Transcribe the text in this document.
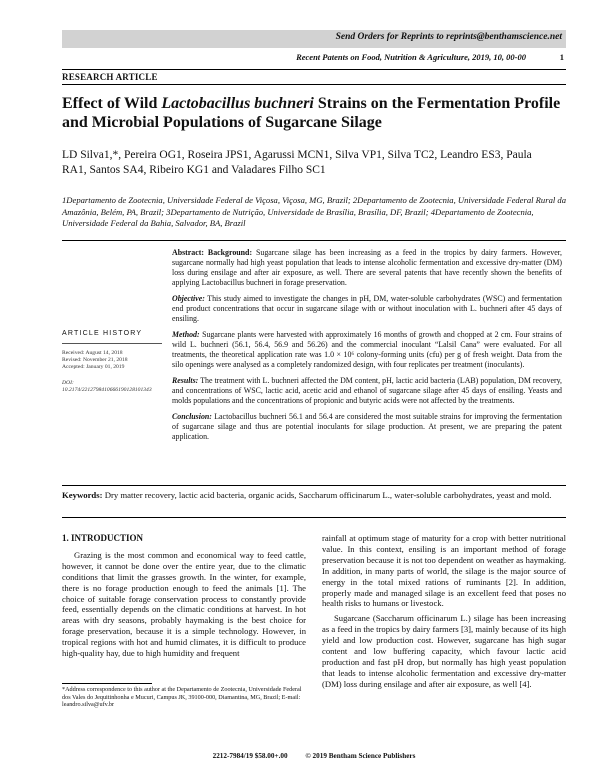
Send Orders for Reprints to reprints@benthamscience.net
Recent Patents on Food, Nutrition & Agriculture, 2019, 10, 00-00	1
RESEARCH ARTICLE
Effect of Wild Lactobacillus buchneri Strains on the Fermentation Profile and Microbial Populations of Sugarcane Silage
LD Silva1,*, Pereira OG1, Roseira JPS1, Agarussi MCN1, Silva VP1, Silva TC2, Leandro ES3, Paula RA1, Santos SA4, Ribeiro KG1 and Valadares Filho SC1
1Departamento de Zootecnia, Universidade Federal de Viçosa, Viçosa, MG, Brazil; 2Departamento de Zootecnia, Universidade Federal Rural da Amazônia, Belém, PA, Brazil; 3Departamento de Nutrição, Universidade de Brasília, Brasília, DF, Brazil; 4Departamento de Zootecnia, Universidade Federal da Bahia, Salvador, BA, Brazil

Abstract: Background: Sugarcane silage has been increasing as a feed in the tropics by dairy farmers. However, sugarcane normally had high yeast population that leads to intense alcoholic fermentation and excessive dry-matter (DM) loss during ensilage and after air exposure, as well. There are several patents that have recently shown the benefits of applying Lactobacillus buchneri in forage preservation.

Objective: This study aimed to investigate the changes in pH, DM, water-soluble carbohydrates (WSC) and fermentation end product concentrations that occur in sugarcane silage with or without inoculation with L. buchneri after 45 days of ensiling.

Method: Sugarcane plants were harvested with approximately 16 months of growth and chopped at 2 cm. Four strains of wild L. buchneri (56.1, 56.4, 56.9 and 56.26) and the commercial inoculant “Lalsil Cana” were evaluated. For all treatments, the theoretical application rate was 1.0 × 10⁶ colony-forming units (cfu) per g of fresh weight. Data from the silo openings were analysed as a completely randomized design, with four replicates per treatment (inoculants).

Results: The treatment with L. buchneri affected the DM content, pH, lactic acid bacteria (LAB) population, DM recovery, and concentrations of WSC, lactic acid, acetic acid and ethanol of sugarcane silage after 45 days of ensiling. Yeasts and molds populations and the concentrations of propionic and butyric acids were not affected by the treatments.

Conclusion: Lactobacillus buchneri 56.1 and 56.4 are considered the most suitable strains for improving the fermentation of sugarcane silage and thus are potential inoculants for silage production. At present, we are preparing the patent application.

ARTICLE HISTORY
Received: August 14, 2018
Revised: November 21, 2018
Accepted: January 01, 2019
DOI:
10.2174/2212798410666190128101343
Keywords: Dry matter recovery, lactic acid bacteria, organic acids, Saccharum officinarum L., water-soluble carbohydrates, yeast and mold.
1. INTRODUCTION

Grazing is the most common and economical way to feed cattle, however, it cannot be done over the entire year, due to the climatic conditions that limit the grasses growth. In the winter, for example, there is no forage production enough to feed the animals [1]. The choice of suitable forage conservation process to constantly provide feed, essentially depends on the climatic conditions at harvest. In hot areas with dry seasons, probably haymaking is the best choice for forage preservation, because it is a simple technology. However, in tropical regions with hot and humid climates, it is difficult to produce high-quality hay, due to high humidity and frequent

rainfall at optimum stage of maturity for a crop with better nutritional value. In this context, ensiling is an important method of forage preservation because it is not too dependent on weather as haymaking. In addition, in many parts of world, the silage is the major source of energy in the total mixed rations of ruminants [2]. In addition, properly made and managed silage is an excellent feed that poses no health risks to humans or livestock.

Sugarcane (Saccharum officinarum L.) silage has been increasing as a feed in the tropics by dairy farmers [3], mainly because of its high yield and low production cost. However, sugarcane has high sugar content and low buffering capacity, which favour lactic acid production and fast pH drop, but normally has high yeast population that leads to intense alcoholic fermentation and excessive dry-matter (DM) loss during ensilage and after air exposure, as well [4].

*Address correspondence to this author at the Departamento de Zootecnia, Universidade Federal dos Vales do Jequitinhonha e Mucuri, Campus JK, 39100-000, Diamantina, MG, Brazil; E-mail: leandro.silva@ufv.br
2212-7984/19 $58.00+.00 © 2019 Bentham Science Publishers
